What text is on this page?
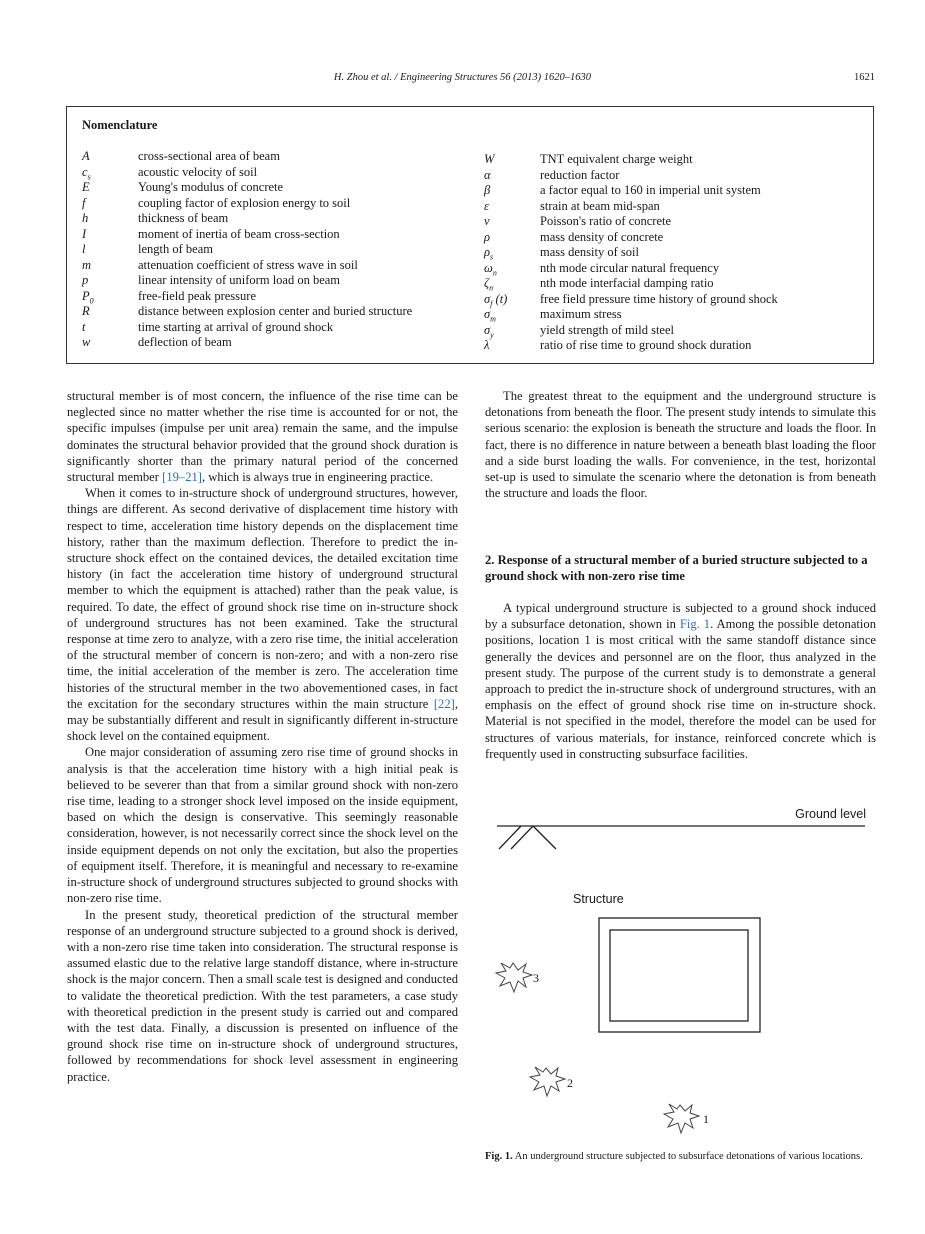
H. Zhou et al. / Engineering Structures 56 (2013) 1620–1630	1621
Nomenclature
A	cross-sectional area of beam
$c_s$	acoustic velocity of soil
E	Young's modulus of concrete
f	coupling factor of explosion energy to soil
h	thickness of beam
I	moment of inertia of beam cross-section
l	length of beam
m	attenuation coefficient of stress wave in soil
p	linear intensity of uniform load on beam
$P_0$	free-field peak pressure
R	distance between explosion center and buried structure
t	time starting at arrival of ground shock
w	deflection of beam
W	TNT equivalent charge weight
α	reduction factor
β	a factor equal to 160 in imperial unit system
ε	strain at beam mid-span
ν	Poisson's ratio of concrete
ρ	mass density of concrete
$\rho_s$	mass density of soil
$\omega_n$	nth mode circular natural frequency
$\zeta_n$	nth mode interfacial damping ratio
$\sigma_f$ (t)	free field pressure time history of ground shock
$\sigma_m$	maximum stress
$\sigma_y$	yield strength of mild steel
λ	ratio of rise time to ground shock duration

structural member is of most concern, the influence of the rise time can be neglected since no matter whether the rise time is accounted for or not, the specific impulses (impulse per unit area) remain the same, and the impulse dominates the structural behavior provided that the ground shock duration is significantly shorter than the primary natural period of the concerned structural member [19–21], which is always true in engineering practice.

When it comes to in-structure shock of underground structures, however, things are different. As second derivative of displacement time history with respect to time, acceleration time history depends on the displacement time history, rather than the maximum deflection. Therefore to predict the in-structure shock effect on the contained devices, the detailed excitation time history (in fact the acceleration time history of underground structural member to which the equipment is attached) rather than the peak value, is required. To date, the effect of ground shock rise time on in-structure shock of underground structures has not been examined. Take the structural response at time zero to analyze, with a zero rise time, the initial acceleration of the structural member of concern is non-zero; and with a non-zero rise time, the initial acceleration of the member is zero. The acceleration time histories of the structural member in the two abovementioned cases, in fact the excitation for the secondary structures within the main structure [22], may be substantially different and result in significantly different in-structure shock level on the contained equipment.

One major consideration of assuming zero rise time of ground shocks in analysis is that the acceleration time history with a high initial peak is believed to be severer than that from a similar ground shock with non-zero rise time, leading to a stronger shock level imposed on the inside equipment, based on which the design is conservative. This seemingly reasonable consideration, however, is not necessarily correct since the shock level on the inside equipment depends on not only the excitation, but also the properties of equipment itself. Therefore, it is meaningful and necessary to re-examine in-structure shock of underground structures subjected to ground shocks with non-zero rise time.

In the present study, theoretical prediction of the structural member response of an underground structure subjected to a ground shock is derived, with a non-zero rise time taken into consideration. The structural response is assumed elastic due to the relative large standoff distance, where in-structure shock is the major concern. Then a small scale test is designed and conducted to validate the theoretical prediction. With the test parameters, a case study with theoretical prediction in the present study is carried out and compared with the test data. Finally, a discussion is presented on influence of the ground shock rise time on in-structure shock of underground structures, followed by recommendations for shock level assessment in engineering practice.

The greatest threat to the equipment and the underground structure is detonations from beneath the floor. The present study intends to simulate this serious scenario: the explosion is beneath the structure and loads the floor. In fact, there is no difference in nature between a beneath blast loading the floor and a side burst loading the walls. For convenience, in the test, horizontal set-up is used to simulate the scenario where the detonation is from beneath the structure and loads the floor.

2. Response of a structural member of a buried structure subjected to a ground shock with non-zero rise time

A typical underground structure is subjected to a ground shock induced by a subsurface detonation, shown in Fig. 1. Among the possible detonation positions, location 1 is most critical with the same standoff distance since generally the devices and personnel are on the floor, thus analyzed in the present study. The purpose of the current study is to demonstrate a general approach to predict the in-structure shock of underground structures, with an emphasis on the effect of ground shock rise time on in-structure shock. Material is not specified in the model, therefore the model can be used for structures of various materials, for instance, reinforced concrete which is frequently used in constructing subsurface facilities.

Ground level
Structure
3
2
1
Fig. 1. An underground structure subjected to subsurface detonations of various locations.
